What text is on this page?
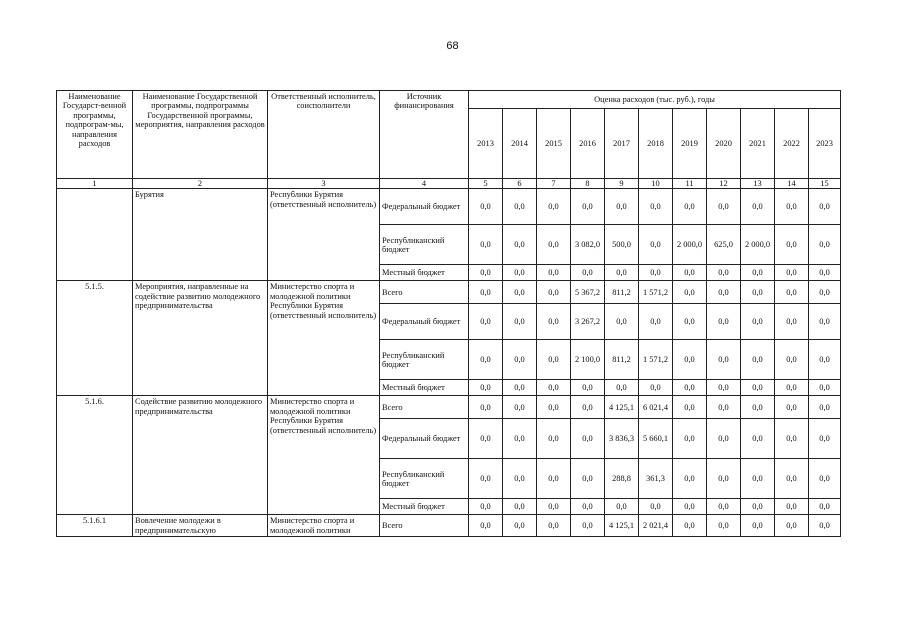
68
Наименование Государст-венной программы, подпрограм-мы, направления расходов	Наименование Государственной программы, подпрограммы Государственной программы, мероприятия, направления расходов	Ответственный исполнитель, соисполнители	Источник финансирования	Оценка расходов (тыс. руб.), годы										
				2013	2014	2015	2016	2017	2018	2019	2020	2021	2022	2023
1	2	3	4	5	6	7	8	9	10	11	12	13	14	15
	Бурятия	Республики Бурятия (ответственный исполнитель)	Федеральный бюджет	0,0	0,0	0,0	0,0	0,0	0,0	0,0	0,0	0,0	0,0	0,0
			Республиканский бюджет	0,0	0,0	0,0	3 082,0	500,0	0,0	2 000,0	625,0	2 000,0	0,0	0,0
			Местный бюджет	0,0	0,0	0,0	0,0	0,0	0,0	0,0	0,0	0,0	0,0	0,0
5.1.5.	Мероприятия, направленные на содействие развитию молодежного предпринимательства	Министерство спорта и молодежной политики Республики Бурятия (ответственный исполнитель)	Всего	0,0	0,0	0,0	5 367,2	811,2	1 571,2	0,0	0,0	0,0	0,0	0,0
			Федеральный бюджет	0,0	0,0	0,0	3 267,2	0,0	0,0	0,0	0,0	0,0	0,0	0,0
			Республиканский бюджет	0,0	0,0	0,0	2 100,0	811,2	1 571,2	0,0	0,0	0,0	0,0	0,0
			Местный бюджет	0,0	0,0	0,0	0,0	0,0	0,0	0,0	0,0	0,0	0,0	0,0
5.1.6.	Содействие развитию молодежного предпринимательства	Министерство спорта и молодежной политики Республики Бурятия (ответственный исполнитель)	Всего	0,0	0,0	0,0	0,0	4 125,1	6 021,4	0,0	0,0	0,0	0,0	0,0
			Федеральный бюджет	0,0	0,0	0,0	0,0	3 836,3	5 660,1	0,0	0,0	0,0	0,0	0,0
			Республиканский бюджет	0,0	0,0	0,0	0,0	288,8	361,3	0,0	0,0	0,0	0,0	0,0
			Местный бюджет	0,0	0,0	0,0	0,0	0,0	0,0	0,0	0,0	0,0	0,0	0,0
5.1.6.1	Вовлечение молодежи в предпринимательскую	Министерство спорта и молодежной политики	Всего	0,0	0,0	0,0	0,0	4 125,1	2 021,4	0,0	0,0	0,0	0,0	0,0
